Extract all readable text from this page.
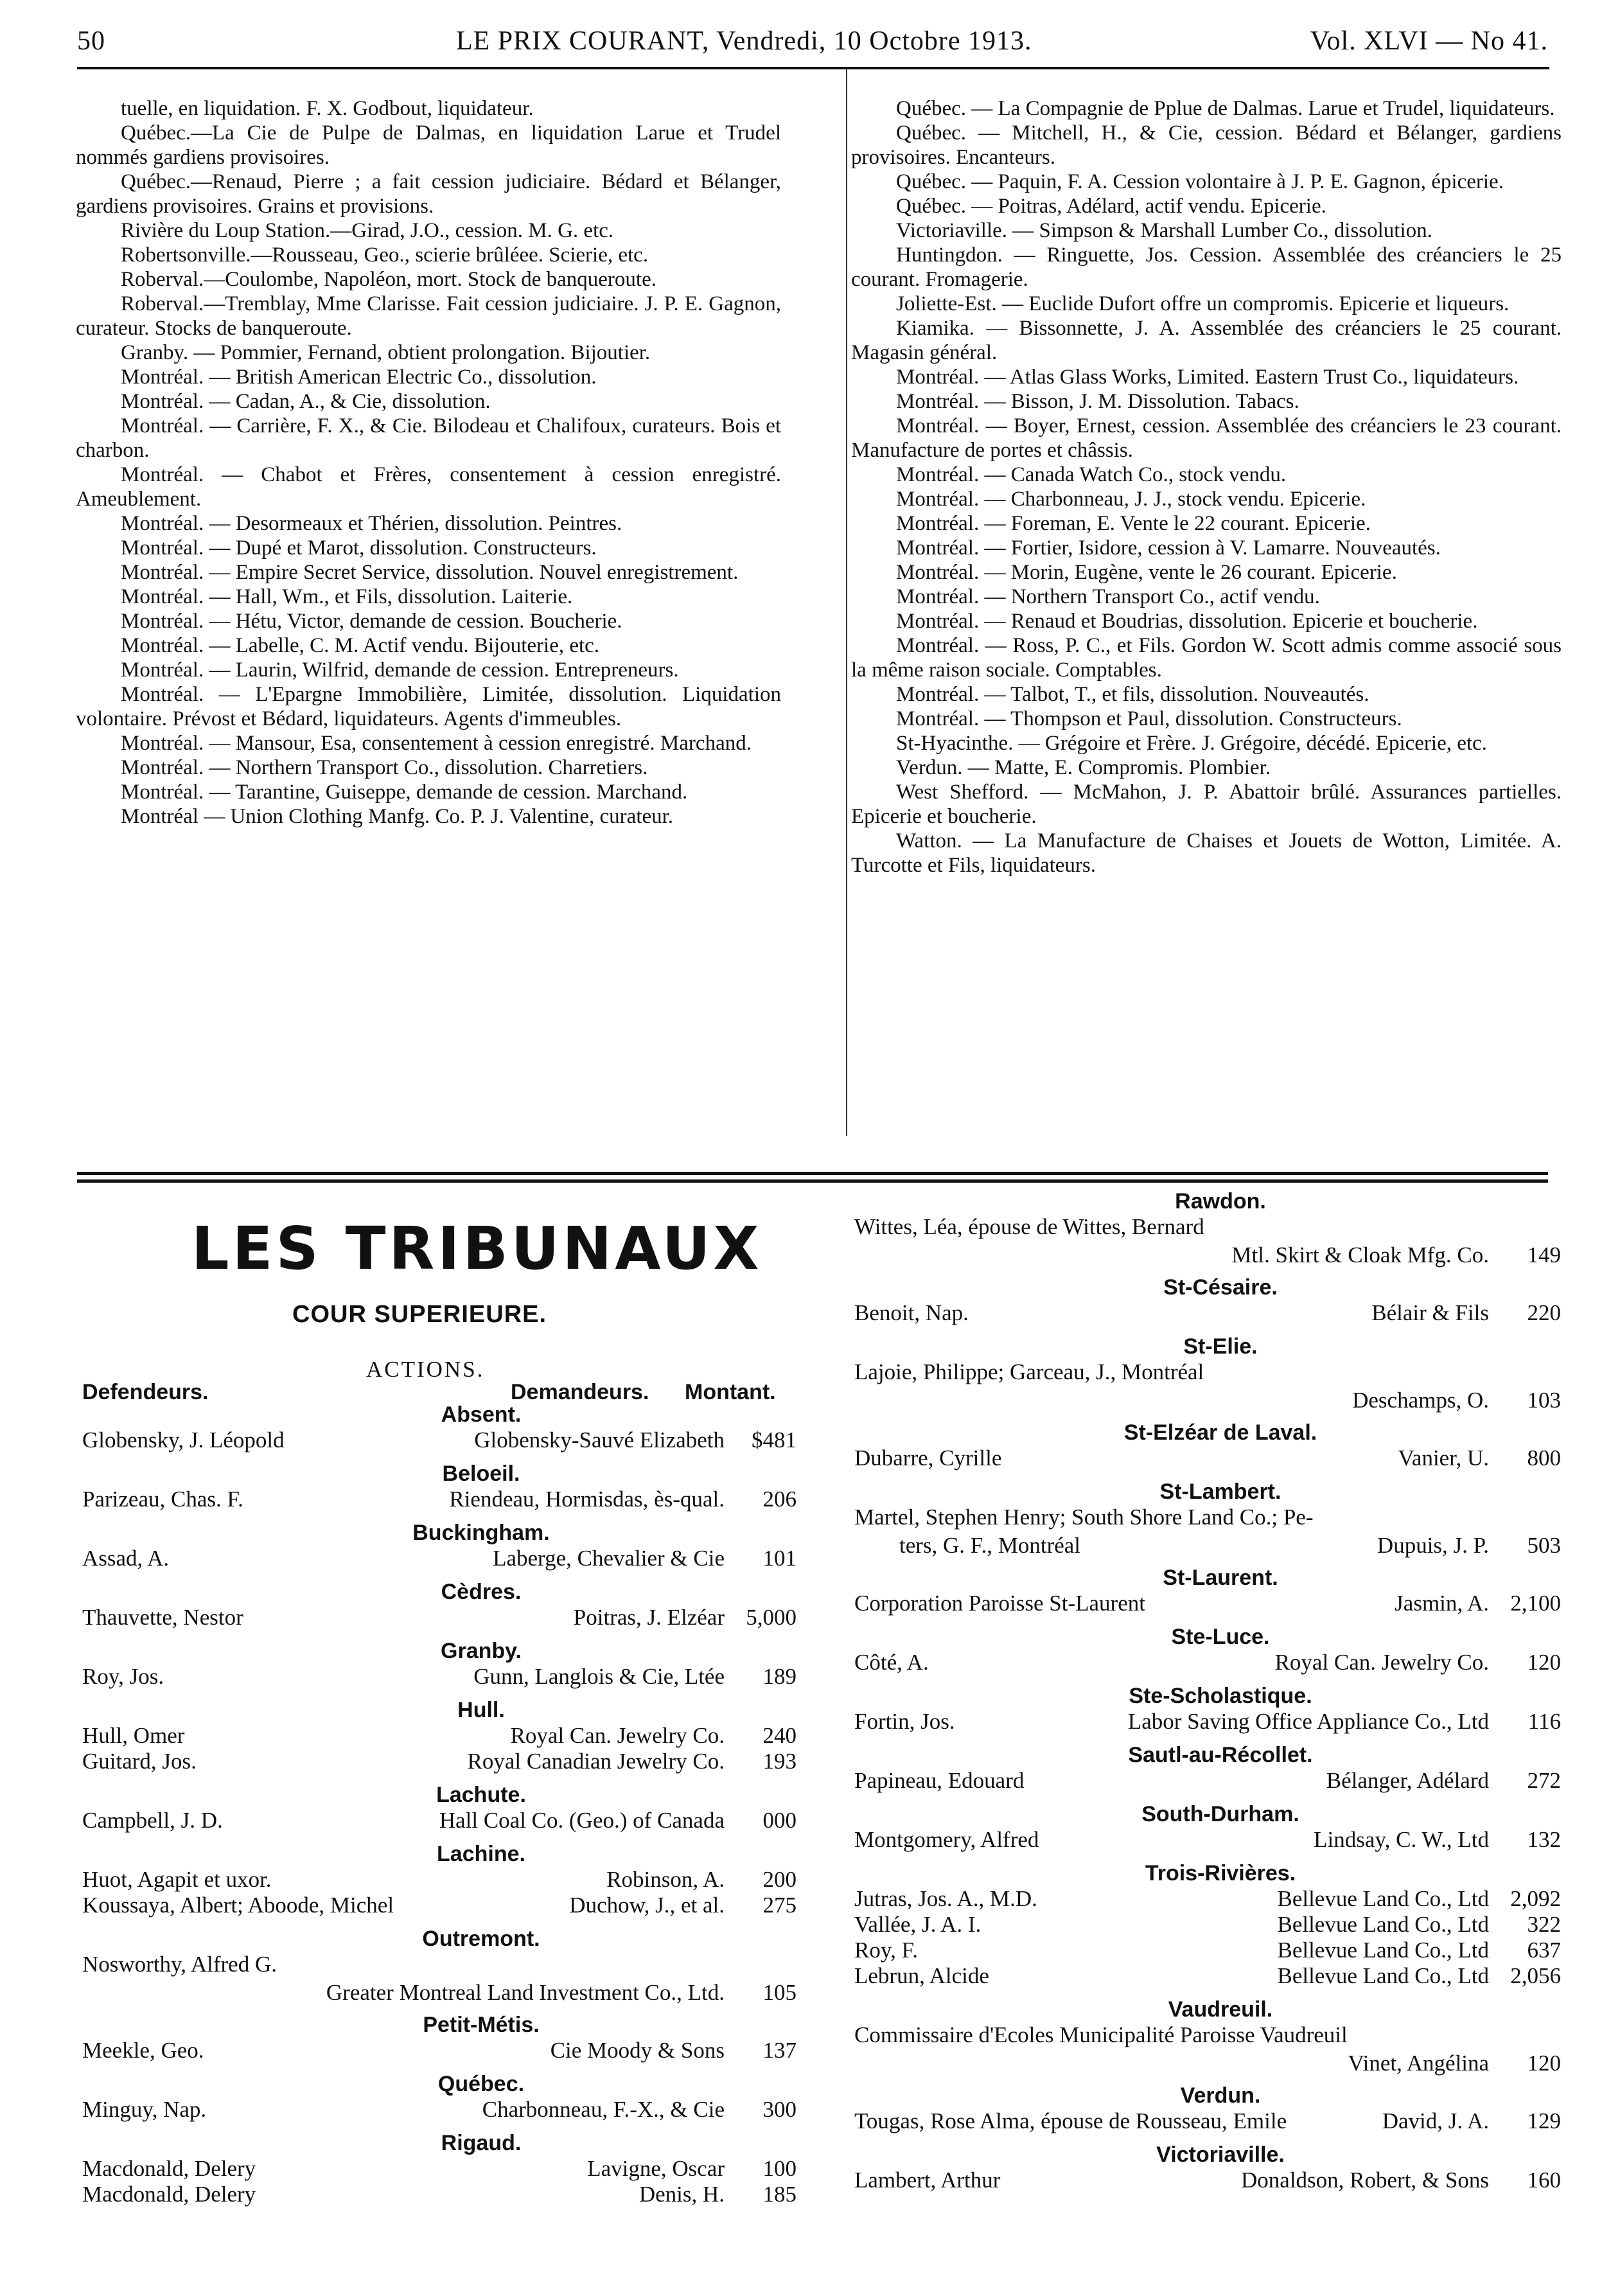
50	LE PRIX COURANT, Vendredi, 10 Octobre 1913.	Vol. XLVI — No 41.

tuelle, en liquidation. F. X. Godbout, liquidateur.

Québec.—La Cie de Pulpe de Dalmas, en liquidation Larue et Trudel nommés gardiens provisoires.

Québec.—Renaud, Pierre ; a fait cession judiciaire. Bédard et Bélanger, gardiens provisoires. Grains et provisions.

Rivière du Loup Station.—Girad, J.O., cession. M. G. etc.

Robertsonville.—Rousseau, Geo., scierie brûléee. Scierie, etc.

Roberval.—Coulombe, Napoléon, mort. Stock de banqueroute.

Roberval.—Tremblay, Mme Clarisse. Fait cession judiciaire. J. P. E. Gagnon, curateur. Stocks de banqueroute.

Granby. — Pommier, Fernand, obtient prolongation. Bijoutier.

Montréal. — British American Electric Co., dissolution.

Montréal. — Cadan, A., & Cie, dissolution.

Montréal. — Carrière, F. X., & Cie. Bilodeau et Chalifoux, curateurs. Bois et charbon.

Montréal. — Chabot et Frères, consentement à cession enregistré. Ameublement.

Montréal. — Desormeaux et Thérien, dissolution. Peintres.

Montréal. — Dupé et Marot, dissolution. Constructeurs.

Montréal. — Empire Secret Service, dissolution. Nouvel enregistrement.

Montréal. — Hall, Wm., et Fils, dissolution. Laiterie.

Montréal. — Hétu, Victor, demande de cession. Boucherie.

Montréal. — Labelle, C. M. Actif vendu. Bijouterie, etc.

Montréal. — Laurin, Wilfrid, demande de cession. Entrepreneurs.

Montréal. — L'Epargne Immobilière, Limitée, dissolution. Liquidation volontaire. Prévost et Bédard, liquidateurs. Agents d'immeubles.

Montréal. — Mansour, Esa, consentement à cession enregistré. Marchand.

Montréal. — Northern Transport Co., dissolution. Charretiers.

Montréal. — Tarantine, Guiseppe, demande de cession. Marchand.

Montréal — Union Clothing Manfg. Co. P. J. Valentine, curateur.

Québec. — La Compagnie de Pplue de Dalmas. Larue et Trudel, liquidateurs.

Québec. — Mitchell, H., & Cie, cession. Bédard et Bélanger, gardiens provisoires. Encanteurs.

Québec. — Paquin, F. A. Cession volontaire à J. P. E. Gagnon, épicerie.

Québec. — Poitras, Adélard, actif vendu. Epicerie.

Victoriaville. — Simpson & Marshall Lumber Co., dissolution.

Huntingdon. — Ringuette, Jos. Cession. Assemblée des créanciers le 25 courant. Fromagerie.

Joliette-Est. — Euclide Dufort offre un compromis. Epicerie et liqueurs.

Kiamika. — Bissonnette, J. A. Assemblée des créanciers le 25 courant. Magasin général.

Montréal. — Atlas Glass Works, Limited. Eastern Trust Co., liquidateurs.

Montréal. — Bisson, J. M. Dissolution. Tabacs.

Montréal. — Boyer, Ernest, cession. Assemblée des créanciers le 23 courant. Manufacture de portes et châssis.

Montréal. — Canada Watch Co., stock vendu.

Montréal. — Charbonneau, J. J., stock vendu. Epicerie.

Montréal. — Foreman, E. Vente le 22 courant. Epicerie.

Montréal. — Fortier, Isidore, cession à V. Lamarre. Nouveautés.

Montréal. — Morin, Eugène, vente le 26 courant. Epicerie.

Montréal. — Northern Transport Co., actif vendu.

Montréal. — Renaud et Boudrias, dissolution. Epicerie et boucherie.

Montréal. — Ross, P. C., et Fils. Gordon W. Scott admis comme associé sous la même raison sociale. Comptables.

Montréal. — Talbot, T., et fils, dissolution. Nouveautés.

Montréal. — Thompson et Paul, dissolution. Constructeurs.

St-Hyacinthe. — Grégoire et Frère. J. Grégoire, décédé. Epicerie, etc.

Verdun. — Matte, E. Compromis. Plombier.

West Shefford. — McMahon, J. P. Abattoir brûlé. Assurances partielles. Epicerie et boucherie.

Watton. — La Manufacture de Chaises et Jouets de Wotton, Limitée. A. Turcotte et Fils, liquidateurs.

LES TRIBUNAUX
COUR SUPERIEURE.
ACTIONS.
Defendeurs.	Demandeurs. Montant.
Absent.
Globensky, J. Léopold	Globensky-Sauvé Elizabeth $481
Beloeil.
Parizeau, Chas. F.	Riendeau, Hormisdas, ès-qual. 206
Buckingham.
Assad, A.	Laberge, Chevalier & Cie 101
Cèdres.
Thauvette, Nestor	Poitras, J. Elzéar 5,000
Granby.
Roy, Jos.	Gunn, Langlois & Cie, Ltée 189
Hull.
Hull, Omer	Royal Can. Jewelry Co. 240
Guitard, Jos.	Royal Canadian Jewelry Co. 193
Lachute.
Campbell, J. D.	Hall Coal Co. (Geo.) of Canada 000
Lachine.
Huot, Agapit et uxor.	Robinson, A. 200
Koussaya, Albert; Aboode, Michel	Duchow, J., et al. 275
Outremont.
Nosworthy, Alfred G.
Greater Montreal Land Investment Co., Ltd. 105
Petit-Métis.
Meekle, Geo.	Cie Moody & Sons 137
Québec.
Minguy, Nap.	Charbonneau, F.-X., & Cie 300
Rigaud.
Macdonald, Delery	Lavigne, Oscar 100
Macdonald, Delery	Denis, H. 185
Rawdon.
Wittes, Léa, épouse de Wittes, Bernard
Mtl. Skirt & Cloak Mfg. Co. 149
St-Césaire.
Benoit, Nap.	Bélair & Fils 220
St-Elie.
Lajoie, Philippe; Garceau, J., Montréal
Deschamps, O. 103
St-Elzéar de Laval.
Dubarre, Cyrille	Vanier, U. 800
St-Lambert.
Martel, Stephen Henry; South Shore Land Co.; Pe-
ters, G. F., Montréal	Dupuis, J. P. 503
St-Laurent.
Corporation Paroisse St-Laurent	Jasmin, A. 2,100
Ste-Luce.
Côté, A.	Royal Can. Jewelry Co. 120
Ste-Scholastique.
Fortin, Jos.	Labor Saving Office Appliance Co., Ltd 116
Sautl-au-Récollet.
Papineau, Edouard	Bélanger, Adélard 272
South-Durham.
Montgomery, Alfred	Lindsay, C. W., Ltd 132
Trois-Rivières.
Jutras, Jos. A., M.D.	Bellevue Land Co., Ltd 2,092
Vallée, J. A. I.	Bellevue Land Co., Ltd 322
Roy, F.	Bellevue Land Co., Ltd 637
Lebrun, Alcide	Bellevue Land Co., Ltd 2,056
Vaudreuil.
Commissaire d'Ecoles Municipalité Paroisse Vaudreuil
Vinet, Angélina 120
Verdun.
Tougas, Rose Alma, épouse de Rousseau, Emile	David, J. A. 129
Victoriaville.
Lambert, Arthur	Donaldson, Robert, & Sons 160
